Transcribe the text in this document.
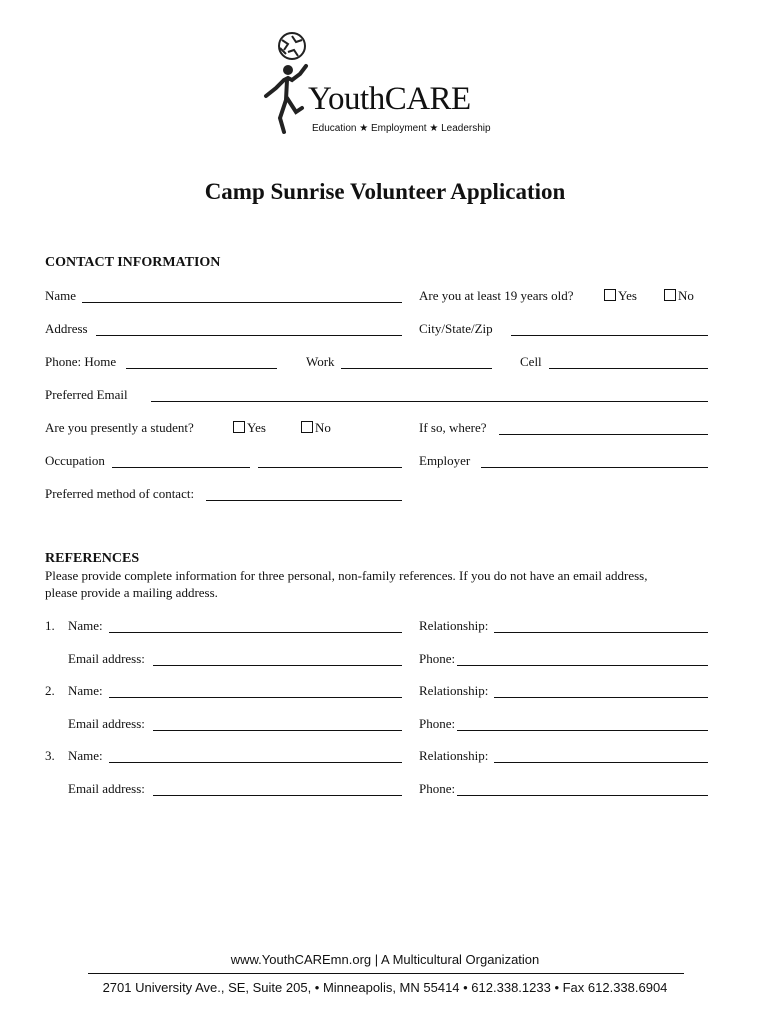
YouthCARE
Education ★ Employment ★ Leadership
Camp Sunrise Volunteer Application
CONTACT INFORMATION
Name	Are you at least 19 years old?	Yes	No
Address	City/State/Zip
Phone: Home	Work	Cell
Preferred Email
Are you presently a student?	Yes	No	If so, where?
Occupation	Employer
Preferred method of contact:
REFERENCES
Please provide complete information for three personal, non-family references. If you do not have an email address,
please provide a mailing address.
1. Name:	Relationship:
Email address:	Phone:
2. Name:	Relationship:
Email address:	Phone:
3. Name:	Relationship:
Email address:	Phone:
www.YouthCAREmn.org | A Multicultural Organization
2701 University Ave., SE, Suite 205, • Minneapolis, MN 55414 • 612.338.1233 • Fax 612.338.6904
